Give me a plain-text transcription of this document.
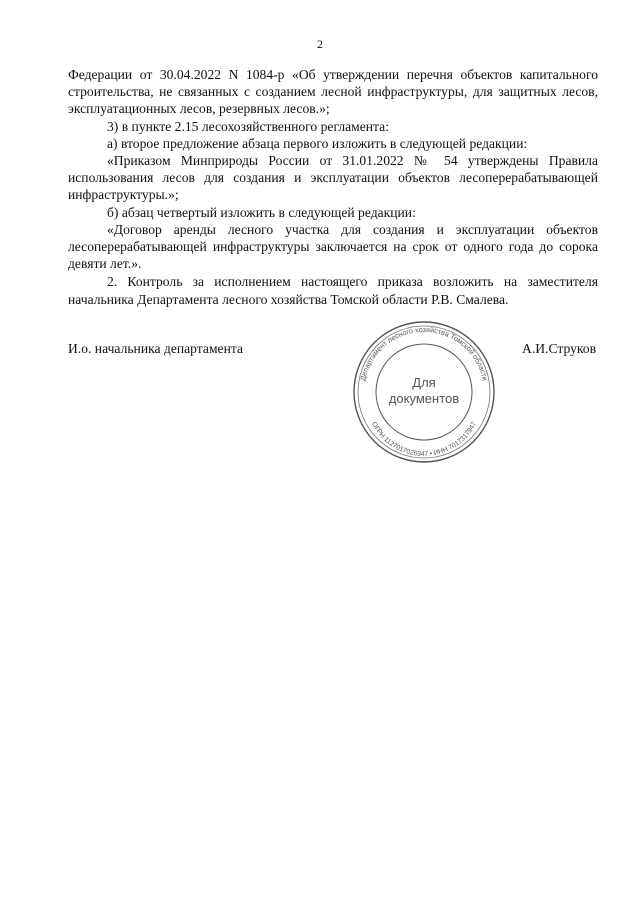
2

Федерации от 30.04.2022 N 1084-р «Об утверждении перечня объектов капитального строительства, не связанных с созданием лесной инфраструктуры, для защитных лесов, эксплуатационных лесов, резервных лесов.»;

3) в пункте 2.15 лесохозяйственного регламента:

а) второе предложение абзаца первого изложить в следующей редакции:

«Приказом Минприроды России от 31.01.2022 № 54 утверждены Правила использования лесов для создания и эксплуатации объектов лесоперерабатывающей инфраструктуры.»;

б) абзац четвертый изложить в следующей редакции:

«Договор аренды лесного участка для создания и эксплуатации объектов лесоперерабатывающей инфраструктуры заключается на срок от одного года до сорока девяти лет.».

2. Контроль за исполнением настоящего приказа возложить на заместителя начальника Департамента лесного хозяйства Томской области Р.В. Смалева.

И.о. начальника департамента	А.И.Струков
Департамент лесного хозяйства Томской области
ОГРН 1127017026347 • ИНН 7017317947
Для
документов
